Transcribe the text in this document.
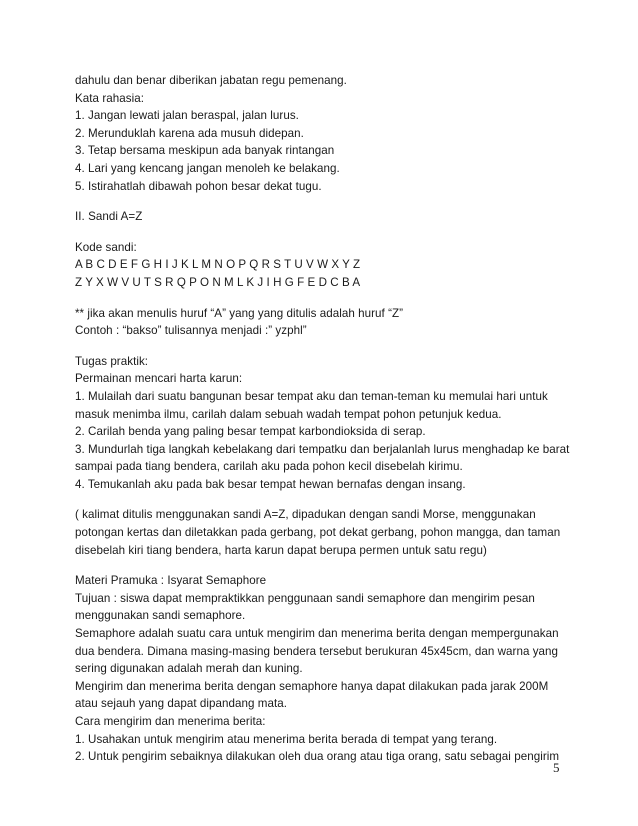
dahulu dan benar diberikan jabatan regu pemenang.
Kata rahasia:
1. Jangan lewati jalan beraspal, jalan lurus.
2. Merunduklah karena ada musuh didepan.
3. Tetap bersama meskipun ada banyak rintangan
4. Lari yang kencang jangan menoleh ke belakang.
5. Istirahatlah dibawah pohon besar dekat tugu.
II. Sandi A=Z
Kode sandi:
A B C D E F G H I J K L M N O P Q R S T U V W X Y Z
Z Y X W V U T S R Q P O N M L K J I H G F E D C B A
** jika akan menulis huruf “A” yang yang ditulis adalah huruf “Z”
Contoh : “bakso” tulisannya menjadi :” yzphl”
Tugas praktik:
Permainan mencari harta karun:
1. Mulailah dari suatu bangunan besar tempat aku dan teman-teman ku memulai hari untuk
masuk menimba ilmu, carilah dalam sebuah wadah tempat pohon petunjuk kedua.
2. Carilah benda yang paling besar tempat karbondioksida di serap.
3. Mundurlah tiga langkah kebelakang dari tempatku dan berjalanlah lurus menghadap ke barat
sampai pada tiang bendera, carilah aku pada pohon kecil disebelah kirimu.
4. Temukanlah aku pada bak besar tempat hewan bernafas dengan insang.
( kalimat ditulis menggunakan sandi A=Z, dipadukan dengan sandi Morse, menggunakan
potongan kertas dan diletakkan pada gerbang, pot dekat gerbang, pohon mangga, dan taman
disebelah kiri tiang bendera, harta karun dapat berupa permen untuk satu regu)
Materi Pramuka : Isyarat Semaphore
Tujuan : siswa dapat mempraktikkan penggunaan sandi semaphore dan mengirim pesan
menggunakan sandi semaphore.
Semaphore adalah suatu cara untuk mengirim dan menerima berita dengan mempergunakan
dua bendera. Dimana masing-masing bendera tersebut berukuran 45x45cm, dan warna yang
sering digunakan adalah merah dan kuning.
Mengirim dan menerima berita dengan semaphore hanya dapat dilakukan pada jarak 200M
atau sejauh yang dapat dipandang mata.
Cara mengirim dan menerima berita:
1. Usahakan untuk mengirim atau menerima berita berada di tempat yang terang.
2. Untuk pengirim sebaiknya dilakukan oleh dua orang atau tiga orang, satu sebagai pengirim
5
